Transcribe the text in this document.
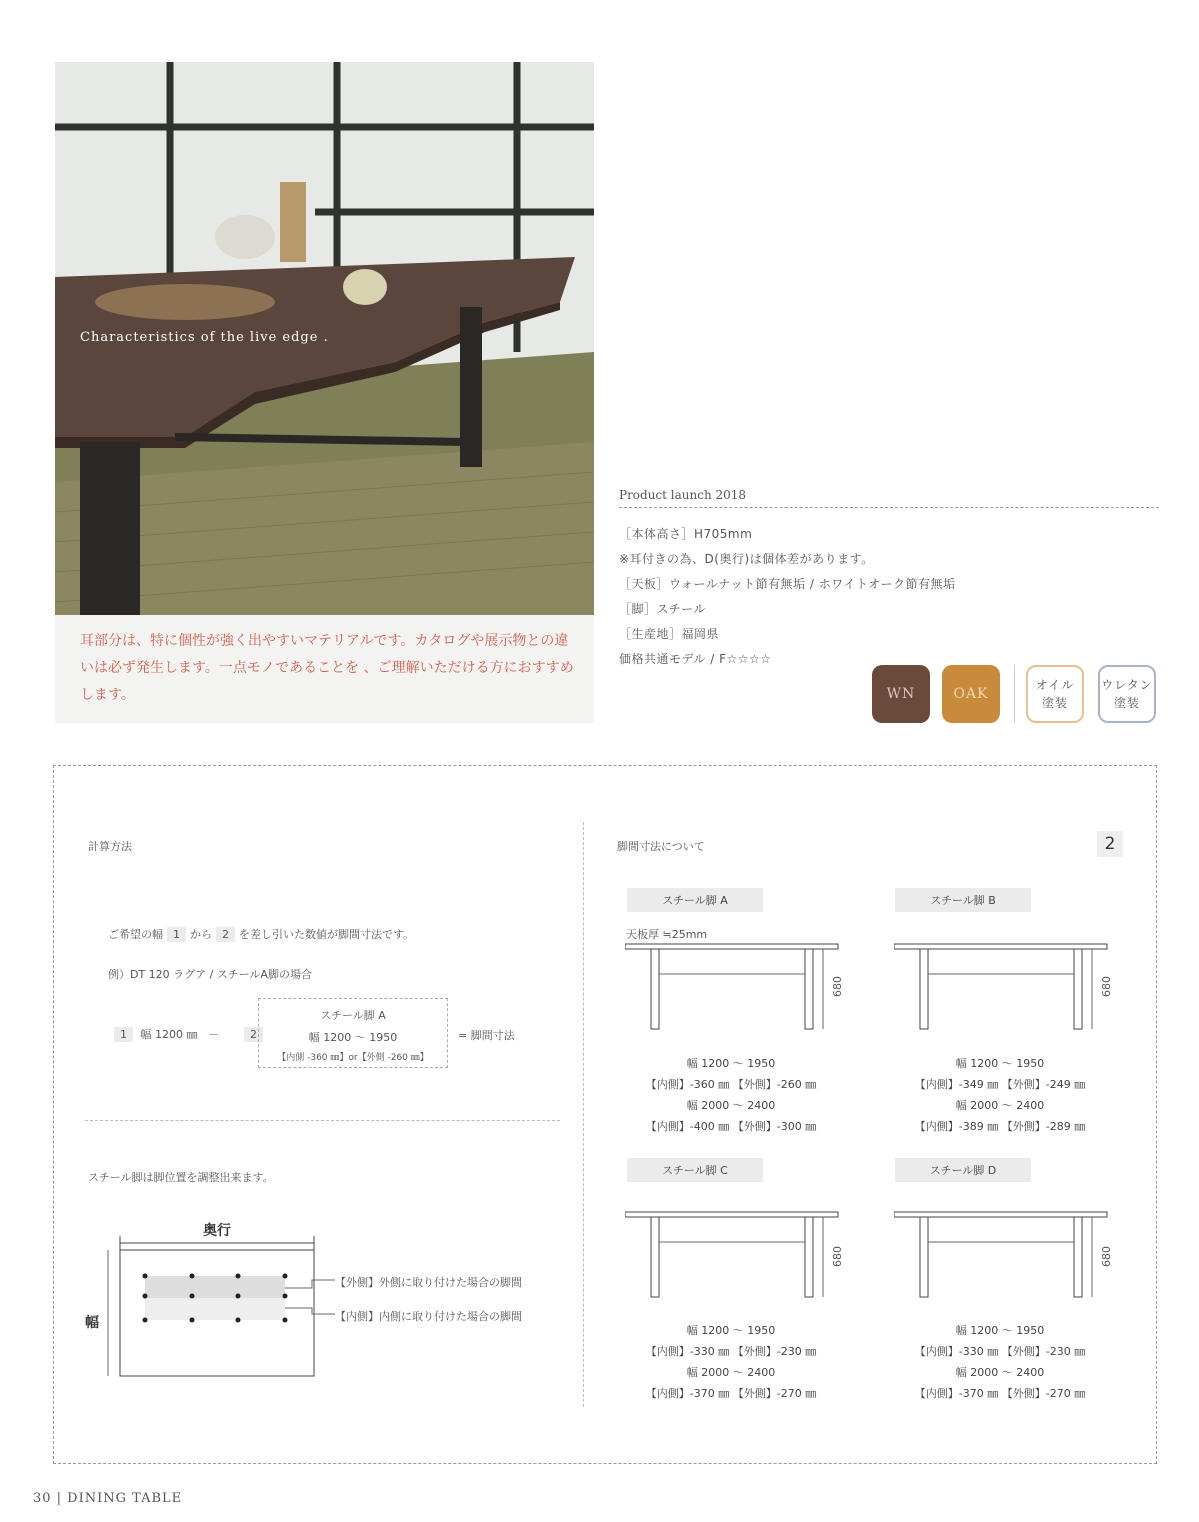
Characteristics of the live edge .
耳部分は、特に個性が強く出やすいマテリアルです。カタログや展示物との違いは必ず発生します。一点モノであることを 、ご理解いただける方におすすめします。
Product launch 2018
［本体高さ］H705mm
※耳付きの為、D(奥行)は個体差があります。
［天板］ウォールナット節有無垢 / ホワイトオーク節有無垢
［脚］スチール
［生産地］福岡県
価格共通モデル / F☆☆☆☆
WN	OAK
オイル
塗装
ウレタン
塗装
計算方法
ご希望の幅 1 から 2 を差し引いた数値が脚間寸法です。
例）DT 120 ラグア / スチールA脚の場合
1 幅 1200 ㎜ －	2
スチール脚 A
幅 1200 ～ 1950
【内側 -360 ㎜】or【外側 -260 ㎜】
= 脚間寸法
スチール脚は脚位置を調整出来ます。
奥行
幅
【外側】外側に取り付けた場合の脚間
【内側】内側に取り付けた場合の脚間
脚間寸法について	2
スチール脚 A
天板厚 ≒25mm
680
幅 1200 ～ 1950
【内側】-360 ㎜ 【外側】-260 ㎜
幅 2000 ～ 2400
【内側】-400 ㎜ 【外側】-300 ㎜
スチール脚 B
680
幅 1200 ～ 1950
【内側】-349 ㎜ 【外側】-249 ㎜
幅 2000 ～ 2400
【内側】-389 ㎜ 【外側】-289 ㎜
スチール脚 C
680
幅 1200 ～ 1950
【内側】-330 ㎜ 【外側】-230 ㎜
幅 2000 ～ 2400
【内側】-370 ㎜ 【外側】-270 ㎜
スチール脚 D
680
幅 1200 ～ 1950
【内側】-330 ㎜ 【外側】-230 ㎜
幅 2000 ～ 2400
【内側】-370 ㎜ 【外側】-270 ㎜
30 | DINING TABLE
